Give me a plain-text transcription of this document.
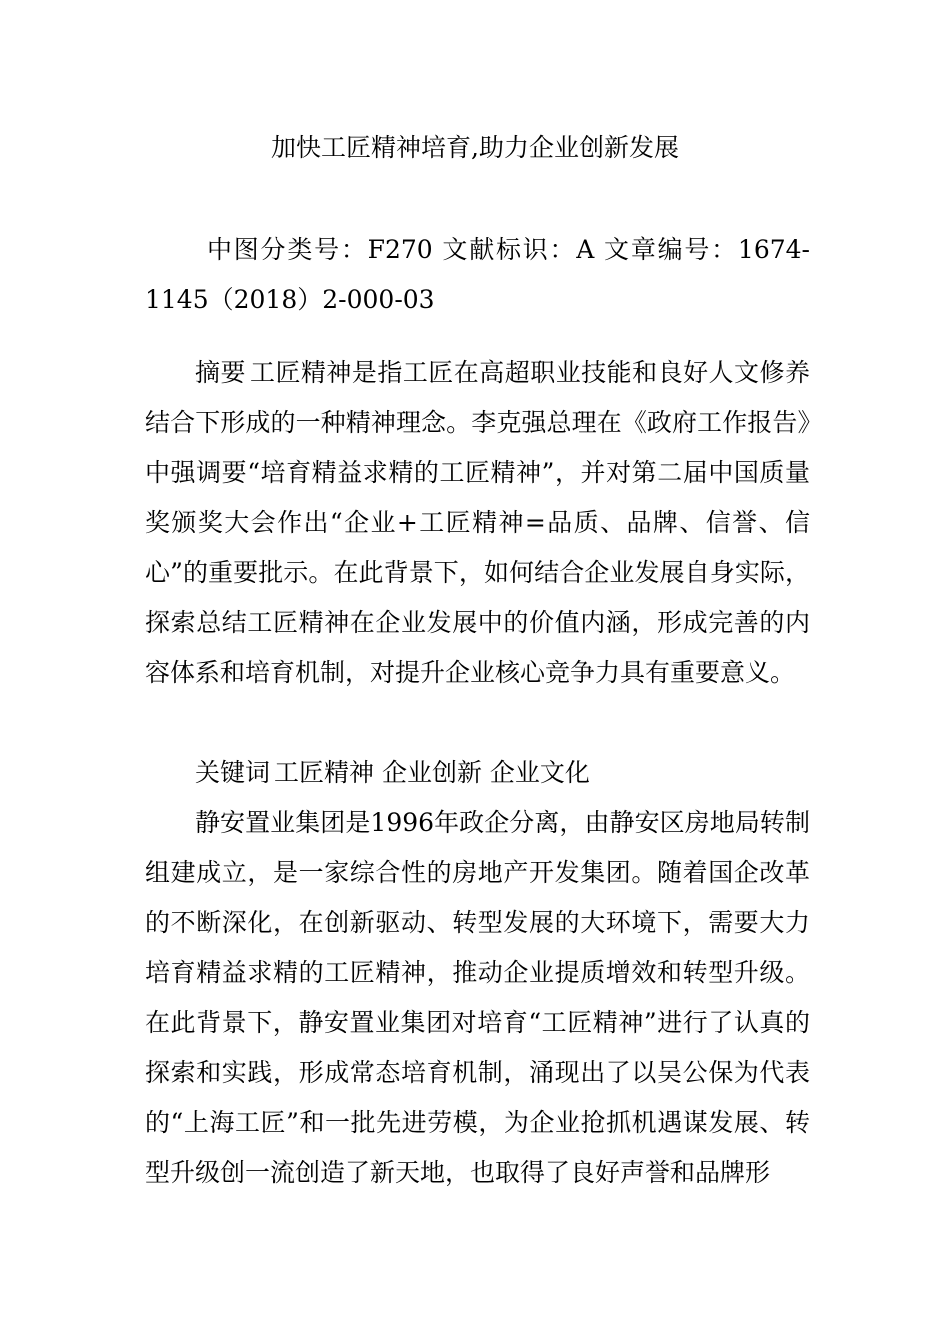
加快工匠精神培育,助力企业创新发展

中图分类号：F270 文献标识：A 文章编号：1674-1145（2018）2-000-03

摘要 工匠精神是指工匠在高超职业技能和良好人文修养结合下形成的一种精神理念。李克强总理在《政府工作报告》中强调要“培育精益求精的工匠精神”，并对第二届中国质量奖颁奖大会作出“企业+工匠精神=品质、品牌、信誉、信心”的重要批示。在此背景下，如何结合企业发展自身实际，探索总结工匠精神在企业发展中的价值内涵，形成完善的内容体系和培育机制，对提升企业核心竞争力具有重要意义。

关键词 工匠精神 企业创新 企业文化

静安置业集团是1996年政企分离，由静安区房地局转制组建成立，是一家综合性的房地产开发集团。随着国企改革的不断深化，在创新驱动、转型发展的大环境下，需要大力培育精益求精的工匠精神，推动企业提质增效和转型升级。在此背景下，静安置业集团对培育“工匠精神”进行了认真的探索和实践，形成常态培育机制，涌现出了以吴公保为代表的“上海工匠”和一批先进劳模，为企业抢抓机遇谋发展、转型升级创一流创造了新天地，也取得了良好声誉和品牌形
